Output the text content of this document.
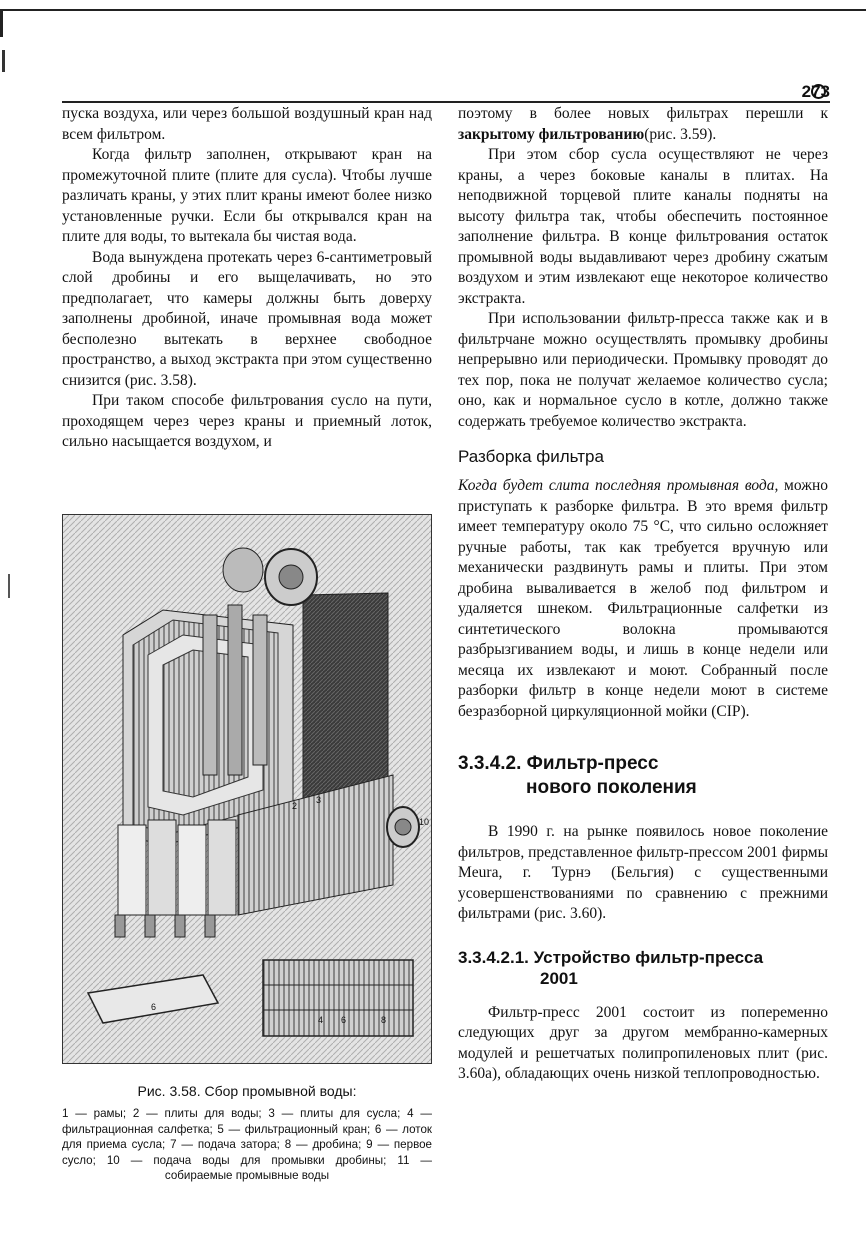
273

пуска воздуха, или через большой воздушный кран над всем фильтром.

Когда фильтр заполнен, открывают кран на промежуточной плите (плите для сусла). Чтобы лучше различать краны, у этих плит краны имеют более низко установленные ручки. Если бы открывался кран на плите для воды, то вытекала бы чистая вода.

Вода вынуждена протекать через 6-сантиметровый слой дробины и его выщелачивать, но это предполагает, что камеры должны быть доверху заполнены дробиной, иначе промывная вода может бесполезно вытекать в верхнее свободное пространство, а выход экстракта при этом существенно снизится (рис. 3.58).

При таком способе фильтрования сусло на пути, проходящем через через краны и приемный лоток, сильно насыщается воздухом, и

2
3
10
4 6	8
6
Рис. 3.58. Сбор промывной воды:
1 — рамы; 2 — плиты для воды; 3 — плиты для сусла; 4 — фильтрационная салфетка; 5 — фильтрационный кран; 6 — лоток для приема сусла; 7 — подача затора; 8 — дробина; 9 — первое сусло; 10 — подача воды для промывки дробины; 11 — собираемые промывные воды

поэтому в более новых фильтрах перешли к закрытому фильтрованию(рис. 3.59).

При этом сбор сусла осуществляют не через краны, а через боковые каналы в плитах. На неподвижной торцевой плите каналы подняты на высоту фильтра так, чтобы обеспечить постоянное заполнение фильтра. В конце фильтрования остаток промывной воды выдавливают через дробину сжатым воздухом и этим извлекают еще некоторое количество экстракта.

При использовании фильтр-пресса также как и в фильтрчане можно осуществлять промывку дробины непрерывно или периодически. Промывку проводят до тех пор, пока не получат желаемое количество сусла; оно, как и нормальное сусло в котле, должно также содержать требуемое количество экстракта.

Разборка фильтра

Когда будет слита последняя промывная вода, можно приступать к разборке фильтра. В это время фильтр имеет температуру около 75 °С, что сильно осложняет ручные работы, так как требуется вручную или механически раздвинуть рамы и плиты. При этом дробина вываливается в желоб под фильтром и удаляется шнеком. Фильтрационные салфетки из синтетического волокна промываются разбрызгиванием воды, и лишь в конце недели или месяца их извлекают и моют. Собранный после разборки фильтр в конце недели моют в системе безразборной циркуляционной мойки (CIP).

3.3.4.2. Фильтр-пресс
нового поколения

В 1990 г. на рынке появилось новое поколение фильтров, представленное фильтр-прессом 2001 фирмы Meura, г. Турнэ (Бельгия) с существенными усовершенствованиями по сравнению с прежними фильтрами (рис. 3.60).

3.3.4.2.1. Устройство фильтр-пресса
2001

Фильтр-пресс 2001 состоит из попеременно следующих друг за другом мембранно-камерных модулей и решетчатых полипропиленовых плит (рис. 3.60а), обладающих очень низкой теплопроводностью.
